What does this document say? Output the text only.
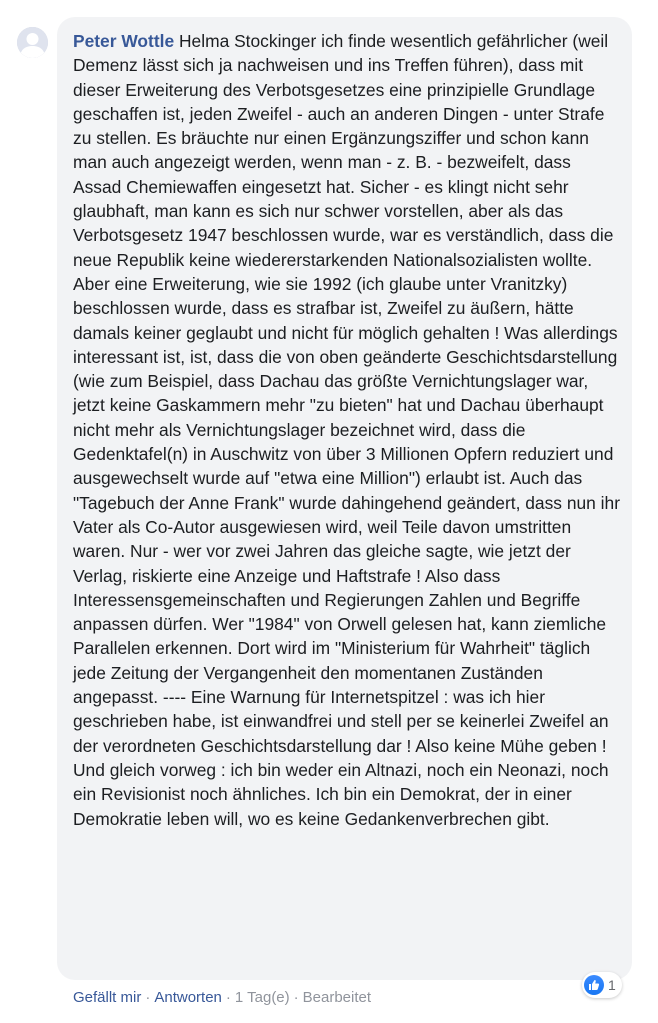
Peter Wottle Helma Stockinger ich finde wesentlich gefährlicher (weil Demenz lässt sich ja nachweisen und ins Treffen führen), dass mit dieser Erweiterung des Verbotsgesetzes eine prinzipielle Grundlage geschaffen ist, jeden Zweifel - auch an anderen Dingen - unter Strafe zu stellen. Es bräuchte nur einen Ergänzungsziffer und schon kann man auch angezeigt werden, wenn man - z. B. - bezweifelt, dass Assad Chemiewaffen eingesetzt hat. Sicher - es klingt nicht sehr glaubhaft, man kann es sich nur schwer vorstellen, aber als das Verbotsgesetz 1947 beschlossen wurde, war es verständlich, dass die neue Republik keine wiedererstarkenden Nationalsozialisten wollte. Aber eine Erweiterung, wie sie 1992 (ich glaube unter Vranitzky) beschlossen wurde, dass es strafbar ist, Zweifel zu äußern, hätte damals keiner geglaubt und nicht für möglich gehalten ! Was allerdings interessant ist, ist, dass die von oben geänderte Geschichtsdarstellung (wie zum Beispiel, dass Dachau das größte Vernichtungslager war, jetzt keine Gaskammern mehr "zu bieten" hat und Dachau überhaupt nicht mehr als Vernichtungslager bezeichnet wird, dass die Gedenktafel(n) in Auschwitz von über 3 Millionen Opfern reduziert und ausgewechselt wurde auf "etwa eine Million") erlaubt ist. Auch das "Tagebuch der Anne Frank" wurde dahingehend geändert, dass nun ihr Vater als Co-Autor ausgewiesen wird, weil Teile davon umstritten waren. Nur - wer vor zwei Jahren das gleiche sagte, wie jetzt der Verlag, riskierte eine Anzeige und Haftstrafe ! Also dass Interessensgemeinschaften und Regierungen Zahlen und Begriffe anpassen dürfen. Wer "1984" von Orwell gelesen hat, kann ziemliche Parallelen erkennen. Dort wird im "Ministerium für Wahrheit" täglich jede Zeitung der Vergangenheit den momentanen Zuständen angepasst. ---- Eine Warnung für Internetspitzel : was ich hier geschrieben habe, ist einwandfrei und stell per se keinerlei Zweifel an der verordneten Geschichtsdarstellung dar ! Also keine Mühe geben ! Und gleich vorweg : ich bin weder ein Altnazi, noch ein Neonazi, noch ein Revisionist noch ähnliches. Ich bin ein Demokrat, der in einer Demokratie leben will, wo es keine Gedankenverbrechen gibt.

1
Gefällt mir · Antworten · 1 Tag(e) · Bearbeitet
